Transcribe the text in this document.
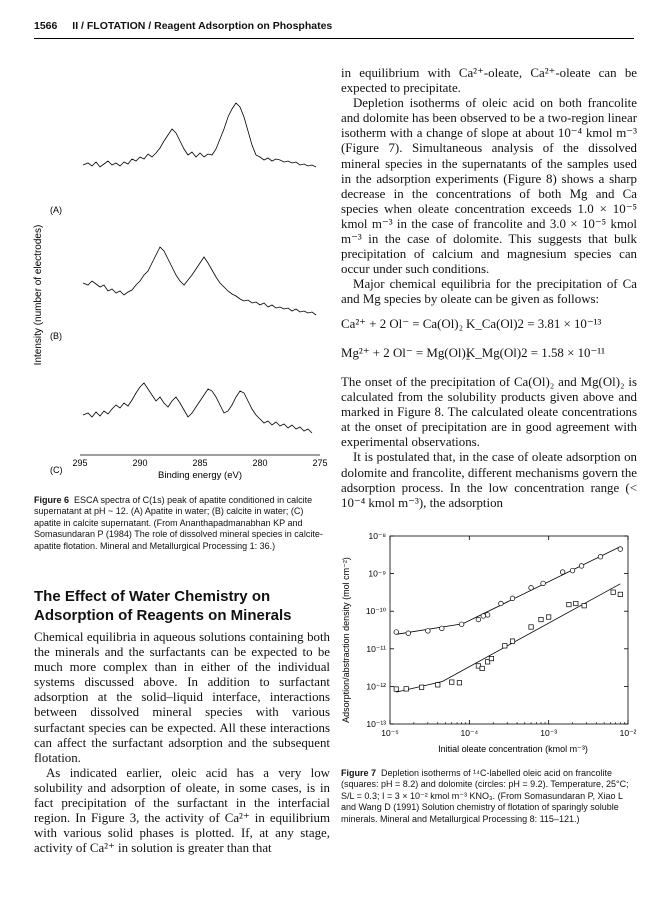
1566 II / FLOTATION / Reagent Adsorption on Phosphates
Intensity (number of electrodes)
(A)
(B)
(C)
295	290	285	280	275
Binding energy (eV)
Figure 6 ESCA spectra of C(1s) peak of apatite conditioned in calcite supernatant at pH ~ 12. (A) Apatite in water; (B) calcite in water; (C) apatite in calcite supernatant. (From Ananthapadmanabhan KP and Somasundaran P (1984) The role of dissolved mineral species in calcite-apatite flotation. Mineral and Metallurgical Processing 1: 36.)
The Effect of Water Chemistry on Adsorption of Reagents on Minerals

Chemical equilibria in aqueous solutions containing both the minerals and the surfactants can be expected to be much more complex than in either of the individual systems discussed above. In addition to surfactant adsorption at the solid–liquid interface, interactions between dissolved mineral species with various surfactant species can be expected. All these interactions can affect the surfactant adsorption and the subsequent flotation.

As indicated earlier, oleic acid has a very low solubility and adsorption of oleate, in some cases, is in fact precipitation of the surfactant in the interfacial region. In Figure 3, the activity of Ca²⁺ in equilibrium with various solid phases is plotted. If, at any stage, activity of Ca²⁺ in solution is greater than that

in equilibrium with Ca²⁺-oleate, Ca²⁺-oleate can be expected to precipitate.

Depletion isotherms of oleic acid on both francolite and dolomite has been observed to be a two-region linear isotherm with a change of slope at about 10⁻⁴ kmol m⁻³ (Figure 7). Simultaneous analysis of the dissolved mineral species in the supernatants of the samples used in the adsorption experiments (Figure 8) shows a sharp decrease in the concentrations of both Mg and Ca species when oleate concentration exceeds 1.0 × 10⁻⁵ kmol m⁻³ in the case of francolite and 3.0 × 10⁻⁵ kmol m⁻³ in the case of dolomite. This suggests that bulk precipitation of calcium and magnesium species can occur under such conditions.

Major chemical equilibria for the precipitation of Ca and Mg species by oleate can be given as follows:

Ca²⁺ + 2 Ol⁻ = Ca(Ol)₂ K_Ca(Ol)2 = 3.81 × 10⁻¹³
Mg²⁺ + 2 Ol⁻ = Mg(Ol)₂
K_Mg(Ol)2 = 1.58 × 10⁻¹¹

The onset of the precipitation of Ca(Ol)₂ and Mg(Ol)₂ is calculated from the solubility products given above and marked in Figure 8. The calculated oleate concentrations at the onset of precipitation are in good agreement with experimental observations.

It is postulated that, in the case of oleate adsorption on dolomite and francolite, different mechanisms govern the adsorption process. In the low concentration range (< 10⁻⁴ kmol m⁻³), the adsorption

Adsorption/abstraction density (mol cm⁻²)
10⁻⁸
10⁻⁹
10⁻¹⁰
10⁻¹¹
10⁻¹²
10⁻¹³
10⁻⁵	10⁻⁴	10⁻³	10⁻²
Initial oleate concentration (kmol m⁻³)
Figure 7 Depletion isotherms of ¹⁴C-labelled oleic acid on francolite (squares: pH = 8.2) and dolomite (circles: pH = 9.2). Temperature, 25°C; S/L = 0.3; I = 3 × 10⁻² kmol m⁻³ KNO₃. (From Somasundaran P, Xiao L and Wang D (1991) Solution chemistry of flotation of sparingly soluble minerals. Mineral and Metallurgical Processing 8: 115–121.)
